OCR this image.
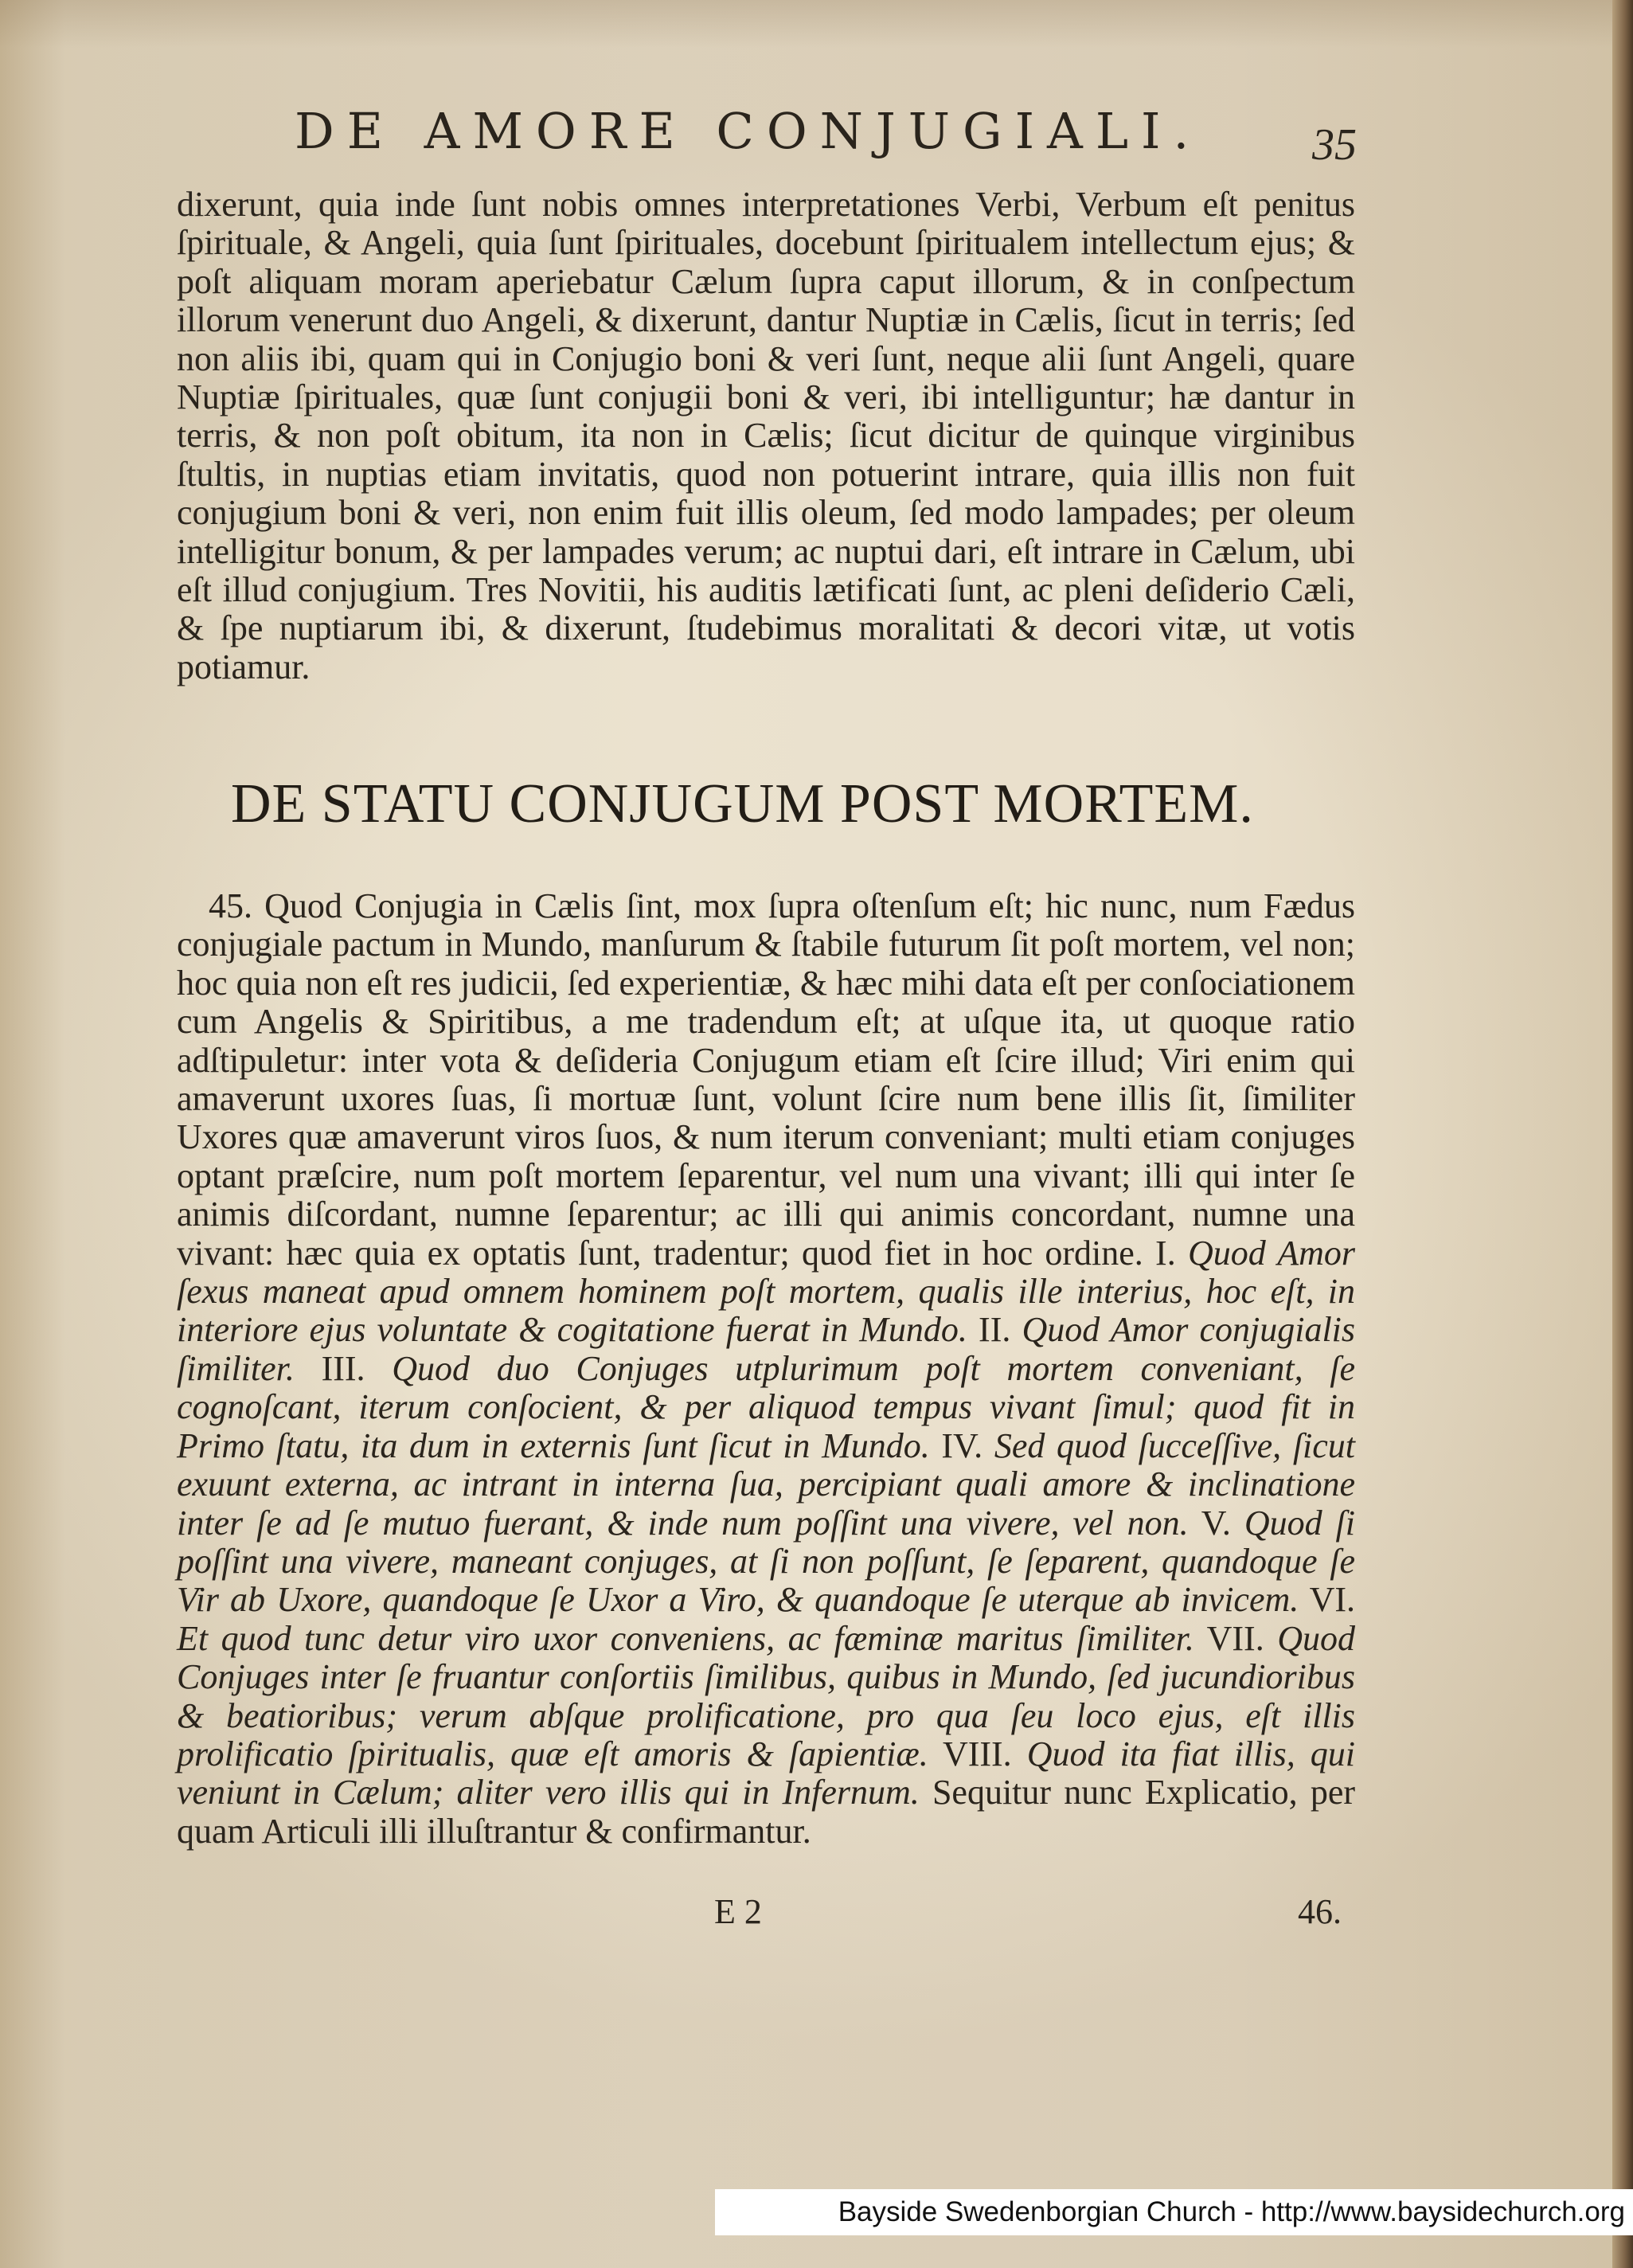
DE AMORE CONJUGIALI.	35
dixerunt, quia inde ſunt nobis omnes interpretationes Verbi, Verbum eſt penitus ſpirituale, & Angeli, quia ſunt ſpirituales, docebunt ſpiritualem intellectum ejus; & poſt aliquam moram aperiebatur Cælum ſupra caput illorum, & in conſpectum illorum venerunt duo Angeli, & dixerunt, dantur Nuptiæ in Cælis, ſicut in terris; ſed non aliis ibi, quam qui in Conjugio boni & veri ſunt, neque alii ſunt Angeli, quare Nuptiæ ſpirituales, quæ ſunt conjugii boni & veri, ibi intelliguntur; hæ dantur in terris, & non poſt obitum, ita non in Cælis; ſicut dicitur de quinque virginibus ſtultis, in nuptias etiam invitatis, quod non potuerint intrare, quia illis non fuit conjugium boni & veri, non enim fuit illis oleum, ſed modo lampades; per oleum intelligitur bonum, & per lampades verum; ac nuptui dari, eſt intrare in Cælum, ubi eſt illud conjugium. Tres Novitii, his auditis lætificati ſunt, ac pleni deſiderio Cæli, & ſpe nuptiarum ibi, & dixerunt, ſtudebimus moralitati & decori vitæ, ut votis potiamur.
DE STATU CONJUGUM POST MORTEM.
45. Quod Conjugia in Cælis ſint, mox ſupra oſtenſum eſt; hic nunc, num Fædus conjugiale pactum in Mundo, manſurum & ſtabile futurum ſit poſt mortem, vel non; hoc quia non eſt res judicii, ſed experientiæ, & hæc mihi data eſt per conſociationem cum Angelis & Spiritibus, a me tradendum eſt; at uſque ita, ut quoque ratio adſtipuletur: inter vota & deſideria Conjugum etiam eſt ſcire illud; Viri enim qui amaverunt uxores ſuas, ſi mortuæ ſunt, volunt ſcire num bene illis ſit, ſimiliter Uxores quæ amaverunt viros ſuos, & num iterum conveniant; multi etiam conjuges optant præſcire, num poſt mortem ſeparentur, vel num una vivant; illi qui inter ſe animis diſcordant, numne ſeparentur; ac illi qui animis concordant, numne una vivant: hæc quia ex optatis ſunt, tradentur; quod fiet in hoc ordine. I. Quod Amor ſexus maneat apud omnem hominem poſt mortem, qualis ille interius, hoc eſt, in interiore ejus voluntate & cogitatione fuerat in Mundo. II. Quod Amor conjugialis ſimiliter. III. Quod duo Conjuges utplurimum poſt mortem conveniant, ſe cognoſcant, iterum conſocient, & per aliquod tempus vivant ſimul; quod fit in Primo ſtatu, ita dum in externis ſunt ſicut in Mundo. IV. Sed quod ſucceſſive, ſicut exuunt externa, ac intrant in interna ſua, percipiant quali amore & inclinatione inter ſe ad ſe mutuo fuerant, & inde num poſſint una vivere, vel non. V. Quod ſi poſſint una vivere, maneant conjuges, at ſi non poſſunt, ſe ſeparent, quandoque ſe Vir ab Uxore, quandoque ſe Uxor a Viro, & quandoque ſe uterque ab invicem. VI. Et quod tunc detur viro uxor conveniens, ac fæminæ maritus ſimiliter. VII. Quod Conjuges inter ſe fruantur conſortiis ſimilibus, quibus in Mundo, ſed jucundioribus & beatioribus; verum abſque prolificatione, pro qua ſeu loco ejus, eſt illis prolificatio ſpiritualis, quæ eſt amoris & ſapientiæ. VIII. Quod ita fiat illis, qui veniunt in Cælum; aliter vero illis qui in Infernum. Sequitur nunc Explicatio, per quam Articuli illi illuſtrantur & confirmantur.
E 2	46.
Bayside Swedenborgian Church - http://www.baysidechurch.org
